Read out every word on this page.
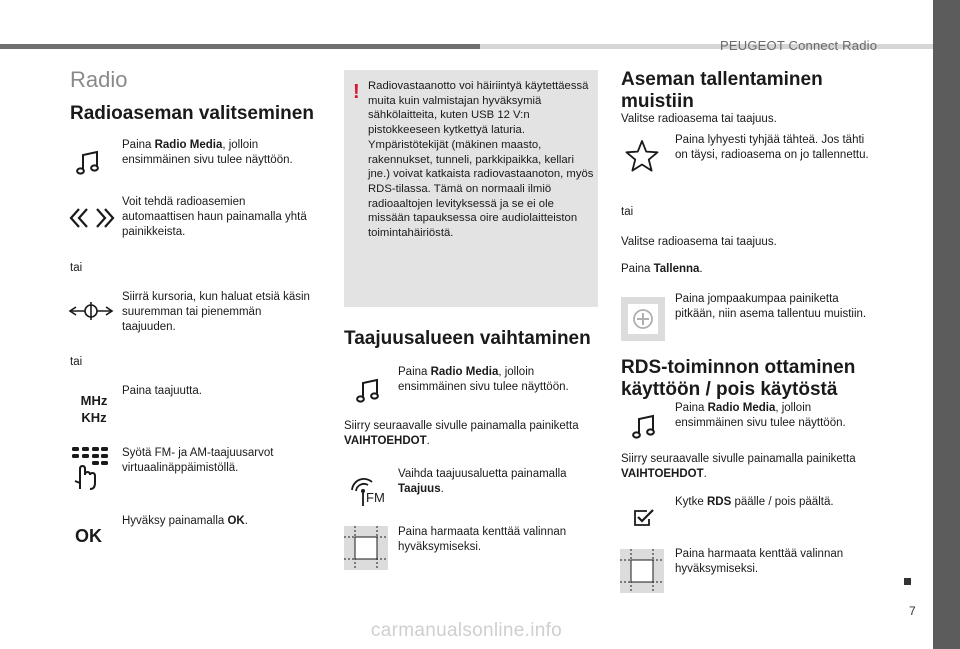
PEUGEOT Connect Radio
7
carmanualsonline.info
Radio
Radioaseman valitseminen
Paina Radio Media, jolloin ensimmäinen sivu tulee näyttöön.
Voit tehdä radioasemien automaattisen haun painamalla yhtä painikkeista.
tai
Siirrä kursoria, kun haluat etsiä käsin suuremman tai pienemmän taajuuden.
tai
MHz
KHz
Paina taajuutta.
Syötä FM- ja AM-taajuusarvot virtuaalinäppäimistöllä.
OK
Hyväksy painamalla OK.
! Radiovastaanotto voi häiriintyä käytettäessä muita kuin valmistajan hyväksymiä sähkölaitteita, kuten USB 12 V:n pistokkeeseen kytkettyä laturia. Ympäristötekijät (mäkinen maasto, rakennukset, tunneli, parkkipaikka, kellari jne.) voivat katkaista radiovastaanoton, myös RDS-tilassa. Tämä on normaali ilmiö radioaaltojen levityksessä ja se ei ole missään tapauksessa oire audiolaitteiston toimintahäiriöstä.
Taajuusalueen vaihtaminen
Paina Radio Media, jolloin ensimmäinen sivu tulee näyttöön.
Siirry seuraavalle sivulle painamalla painiketta VAIHTOEHDOT.
FM
Vaihda taajuusaluetta painamalla Taajuus.
Paina harmaata kenttää valinnan hyväksymiseksi.
Aseman tallentaminen muistiin
Valitse radioasema tai taajuus.
Paina lyhyesti tyhjää tähteä. Jos tähti on täysi, radioasema on jo tallennettu.
tai
Valitse radioasema tai taajuus.
Paina Tallenna.
Paina jompaakumpaa painiketta pitkään, niin asema tallentuu muistiin.
RDS-toiminnon ottaminen käyttöön / pois käytöstä
Paina Radio Media, jolloin ensimmäinen sivu tulee näyttöön.
Siirry seuraavalle sivulle painamalla painiketta VAIHTOEHDOT.
Kytke RDS päälle / pois päältä.
Paina harmaata kenttää valinnan hyväksymiseksi.
